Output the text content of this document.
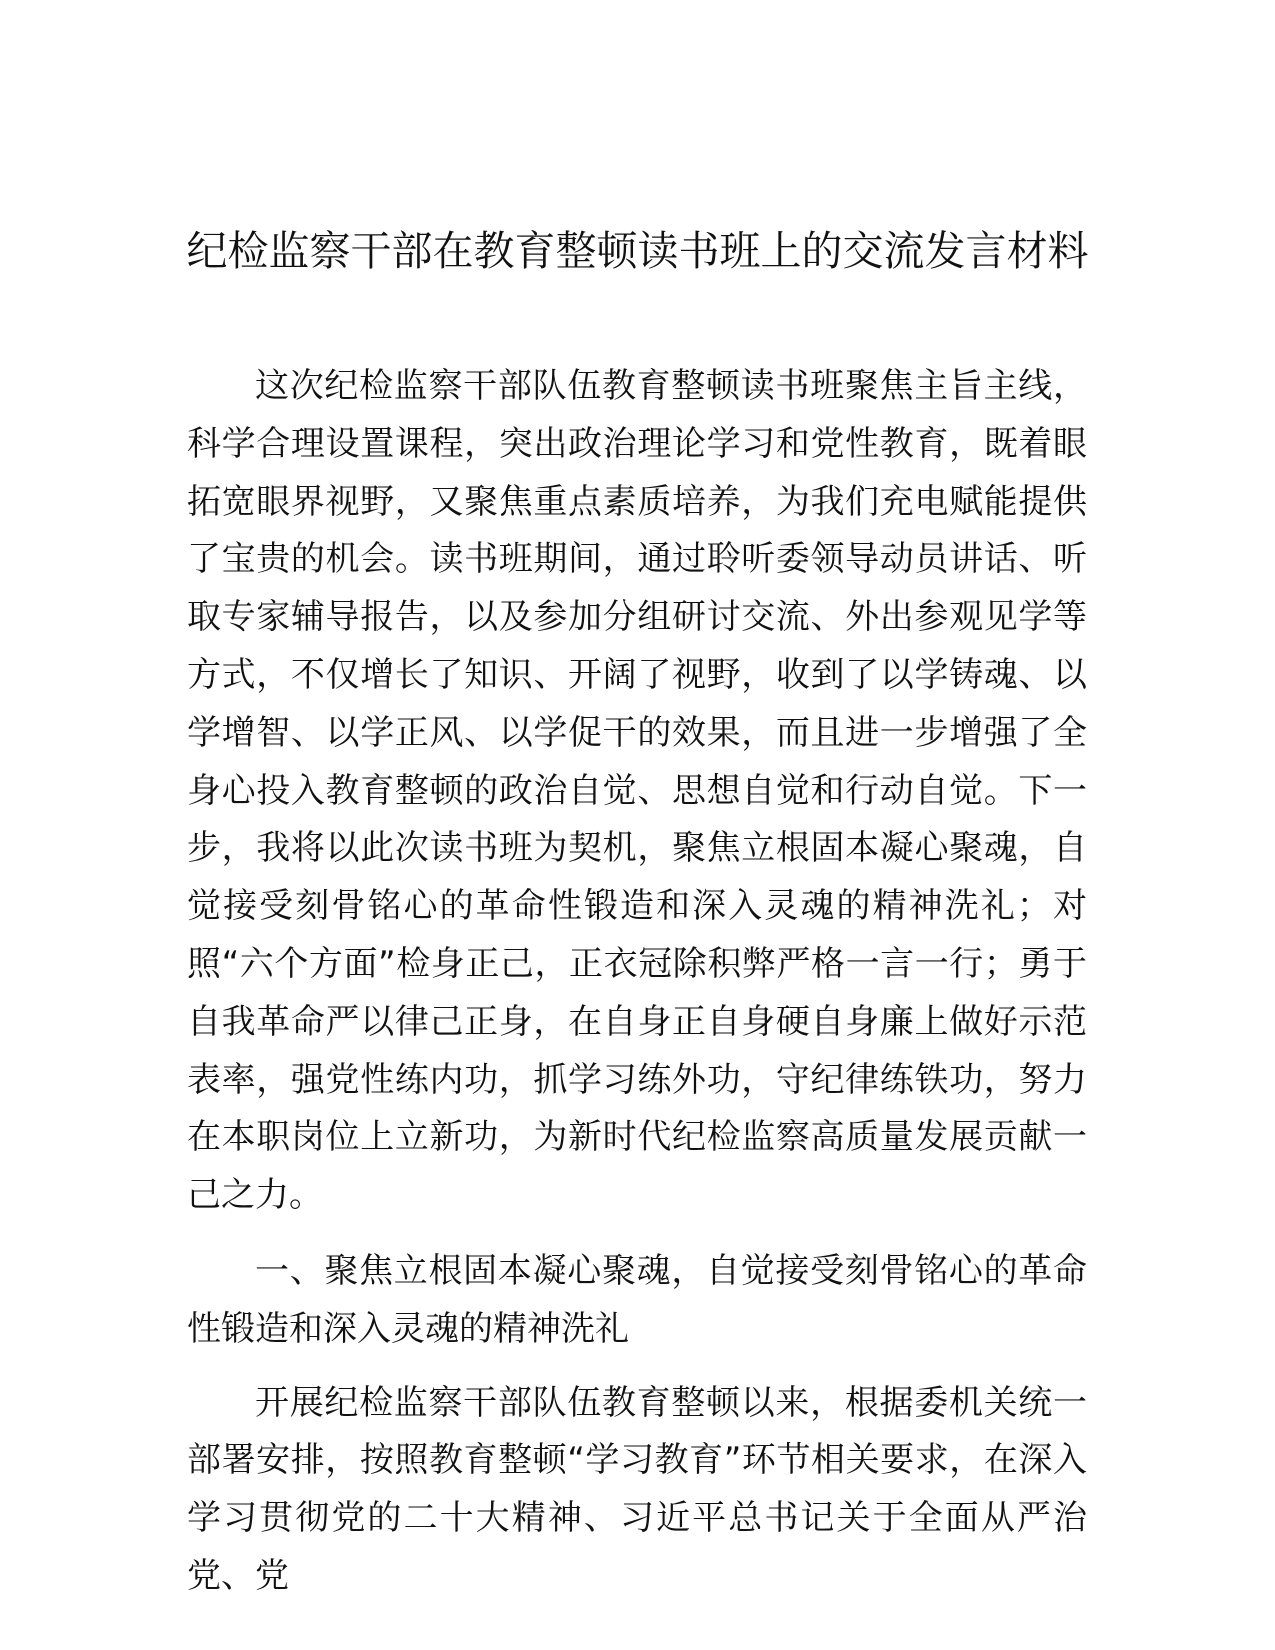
纪检监察干部在教育整顿读书班上的交流发言材料

这次纪检监察干部队伍教育整顿读书班聚焦主旨主线，科学合理设置课程，突出政治理论学习和党性教育，既着眼拓宽眼界视野，又聚焦重点素质培养，为我们充电赋能提供了宝贵的机会。读书班期间，通过聆听委领导动员讲话、听取专家辅导报告，以及参加分组研讨交流、外出参观见学等方式，不仅增长了知识、开阔了视野，收到了以学铸魂、以学增智、以学正风、以学促干的效果，而且进一步增强了全身心投入教育整顿的政治自觉、思想自觉和行动自觉。下一步，我将以此次读书班为契机，聚焦立根固本凝心聚魂，自觉接受刻骨铭心的革命性锻造和深入灵魂的精神洗礼；对照“六个方面”检身正己，正衣冠除积弊严格一言一行；勇于自我革命严以律己正身，在自身正自身硬自身廉上做好示范表率，强党性练内功，抓学习练外功，守纪律练铁功，努力在本职岗位上立新功，为新时代纪检监察高质量发展贡献一己之力。

一、聚焦立根固本凝心聚魂，自觉接受刻骨铭心的革命性锻造和深入灵魂的精神洗礼

开展纪检监察干部队伍教育整顿以来，根据委机关统一部署安排，按照教育整顿“学习教育”环节相关要求，在深入学习贯彻党的二十大精神、习近平总书记关于全面从严治党、党
